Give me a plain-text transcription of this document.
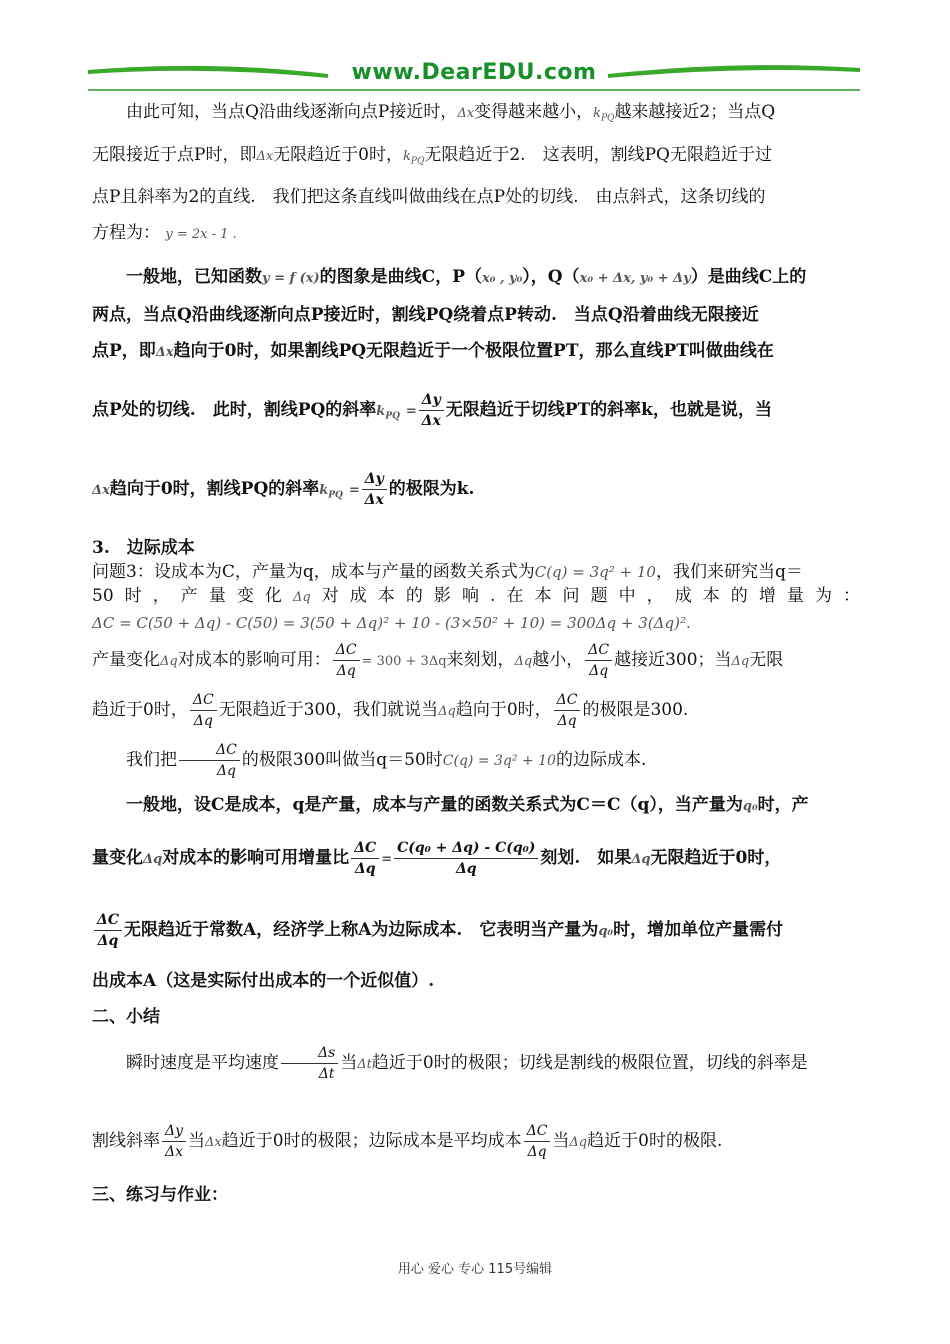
www.DearEDU.com

由此可知，当点Q沿曲线逐渐向点P接近时，Δx变得越来越小，$k_{PQ}$越来越接近2；当点Q
无限接近于点P时，即Δx无限趋近于0时，$k_{PQ}$无限趋近于2.　这表明，割线PQ无限趋近于过
点P且斜率为2的直线.　我们把这条直线叫做曲线在点P处的切线.　由点斜式，这条切线的
方程为： y = 2x - 1 .

一般地，已知函数y = f (x)的图象是曲线C，P（x₀ , y₀），Q（x₀ + Δx, y₀ + Δy）是曲线C上的
两点，当点Q沿曲线逐渐向点P接近时，割线PQ绕着点P转动.　当点Q沿着曲线无限接近
点P，即Δx趋向于0时，如果割线PQ无限趋近于一个极限位置PT，那么直线PT叫做曲线在

点P处的切线.　此时，割线PQ的斜率$k_{PQ} = \frac{\Delta y}{\Delta x}$ 无限趋近于切线PT的斜率k，也就是说，当

Δx趋向于0时，割线PQ的斜率$k_{PQ} = \frac{\Delta y}{\Delta x}$ 的极限为k.

3.　边际成本

问题3：设成本为C，产量为q，成本与产量的函数关系式为C(q) = 3q² + 10，我们来研究当q＝

50时，产量变化Δq对成本的影响.在本问题中，成本的增量为：

ΔC = C(50 + Δq) - C(50) = 3(50 + Δq)² + 10 - (3×50² + 10) = 300Δq + 3(Δq)².

产量变化Δq对成本的影响可用： $\frac{\Delta C}{\Delta q} = 300 + 3\Delta q$来刻划，Δq越小， $\frac{\Delta C}{\Delta q}$ 越接近300；当Δq无限

趋近于0时， $\frac{\Delta C}{\Delta q}$ 无限趋近于300，我们就说当Δq趋向于0时， $\frac{\Delta C}{\Delta q}$ 的极限是300.

我们把 $\frac{\Delta C}{\Delta q}$ 的极限300叫做当q＝50时C(q) = 3q² + 10的边际成本.

一般地，设C是成本，q是产量，成本与产量的函数关系式为C＝C（q），当产量为q₀时，产

量变化Δq对成本的影响可用增量比 $\frac{\Delta C}{\Delta q} = \frac{\text{C(q₀ + Δq) - C(q₀)}}{\Delta q}$ 刻划.　如果Δq无限趋近于0时，

$\frac{\Delta C}{\Delta q}$ 无限趋近于常数A，经济学上称A为边际成本.　它表明当产量为q₀时，增加单位产量需付

出成本A（这是实际付出成本的一个近似值）.

二、小结

瞬时速度是平均速度 $\frac{\Delta s}{\Delta t}$ 当Δt趋近于0时的极限；切线是割线的极限位置，切线的斜率是

割线斜率 $\frac{\Delta y}{\Delta x}$ 当Δx趋近于0时的极限；边际成本是平均成本 $\frac{\Delta C}{\Delta q}$ 当Δq趋近于0时的极限.

三、练习与作业：

用心 爱心 专心 115号编辑
